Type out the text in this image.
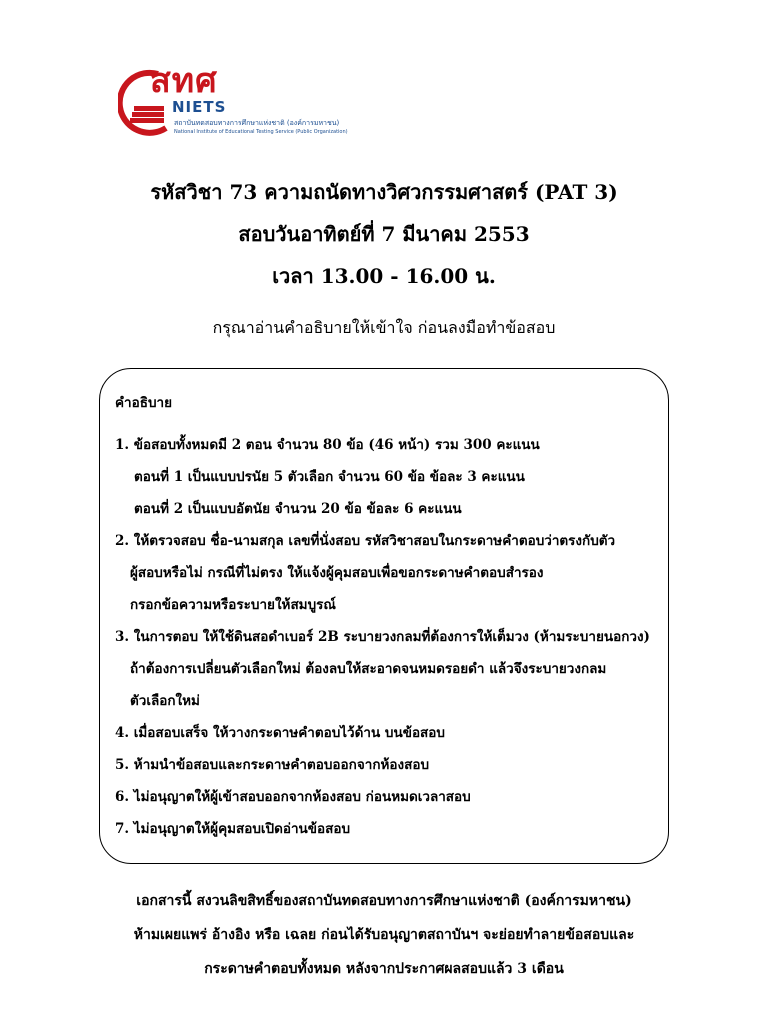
สทศ
NIETS
สถาบันทดสอบทางการศึกษาแห่งชาติ (องค์การมหาชน)
National Institute of Educational Testing Service (Public Organization)
รหัสวิชา 73 ความถนัดทางวิศวกรรมศาสตร์ (PAT 3)
สอบวันอาทิตย์ที่ 7 มีนาคม 2553
เวลา 13.00 - 16.00 น.
กรุณาอ่านคำอธิบายให้เข้าใจ ก่อนลงมือทำข้อสอบ
คำอธิบาย
1. ข้อสอบทั้งหมดมี 2 ตอน จำนวน 80 ข้อ (46 หน้า) รวม 300 คะแนน
ตอนที่ 1 เป็นแบบปรนัย 5 ตัวเลือก จำนวน 60 ข้อ ข้อละ 3 คะแนน
ตอนที่ 2 เป็นแบบอัตนัย จำนวน 20 ข้อ ข้อละ 6 คะแนน
2. ให้ตรวจสอบ ชื่อ-นามสกุล เลขที่นั่งสอบ รหัสวิชาสอบในกระดาษคำตอบว่าตรงกับตัว
ผู้สอบหรือไม่ กรณีที่ไม่ตรง ให้แจ้งผู้คุมสอบเพื่อขอกระดาษคำตอบสำรอง
กรอกข้อความหรือระบายให้สมบูรณ์
3. ในการตอบ ให้ใช้ดินสอดำเบอร์ 2B ระบายวงกลมที่ต้องการให้เต็มวง (ห้ามระบายนอกวง)
ถ้าต้องการเปลี่ยนตัวเลือกใหม่ ต้องลบให้สะอาดจนหมดรอยดำ แล้วจึงระบายวงกลม
ตัวเลือกใหม่
4. เมื่อสอบเสร็จ ให้วางกระดาษคำตอบไว้ด้าน บนข้อสอบ
5. ห้ามนำข้อสอบและกระดาษคำตอบออกจากห้องสอบ
6. ไม่อนุญาตให้ผู้เข้าสอบออกจากห้องสอบ ก่อนหมดเวลาสอบ
7. ไม่อนุญาตให้ผู้คุมสอบเปิดอ่านข้อสอบ
เอกสารนี้ สงวนลิขสิทธิ์ของสถาบันทดสอบทางการศึกษาแห่งชาติ (องค์การมหาชน)
ห้ามเผยแพร่ อ้างอิง หรือ เฉลย ก่อนได้รับอนุญาตสถาบันฯ จะย่อยทำลายข้อสอบและ
กระดาษคำตอบทั้งหมด หลังจากประกาศผลสอบแล้ว 3 เดือน
